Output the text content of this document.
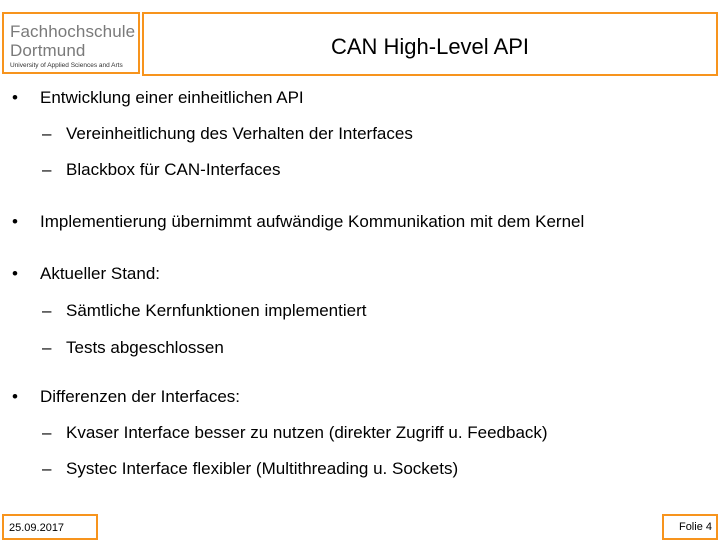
Fachhochschule
Dortmund
University of Applied Sciences and Arts
CAN High-Level API
• Entwicklung einer einheitlichen API
– Vereinheitlichung des Verhalten der Interfaces
– Blackbox für CAN-Interfaces
• Implementierung übernimmt aufwändige Kommunikation mit dem Kernel
• Aktueller Stand:
– Sämtliche Kernfunktionen implementiert
– Tests abgeschlossen
• Differenzen der Interfaces:
– Kvaser Interface besser zu nutzen (direkter Zugriff u. Feedback)
– Systec Interface flexibler (Multithreading u. Sockets)
25.09.2017	Folie 4
